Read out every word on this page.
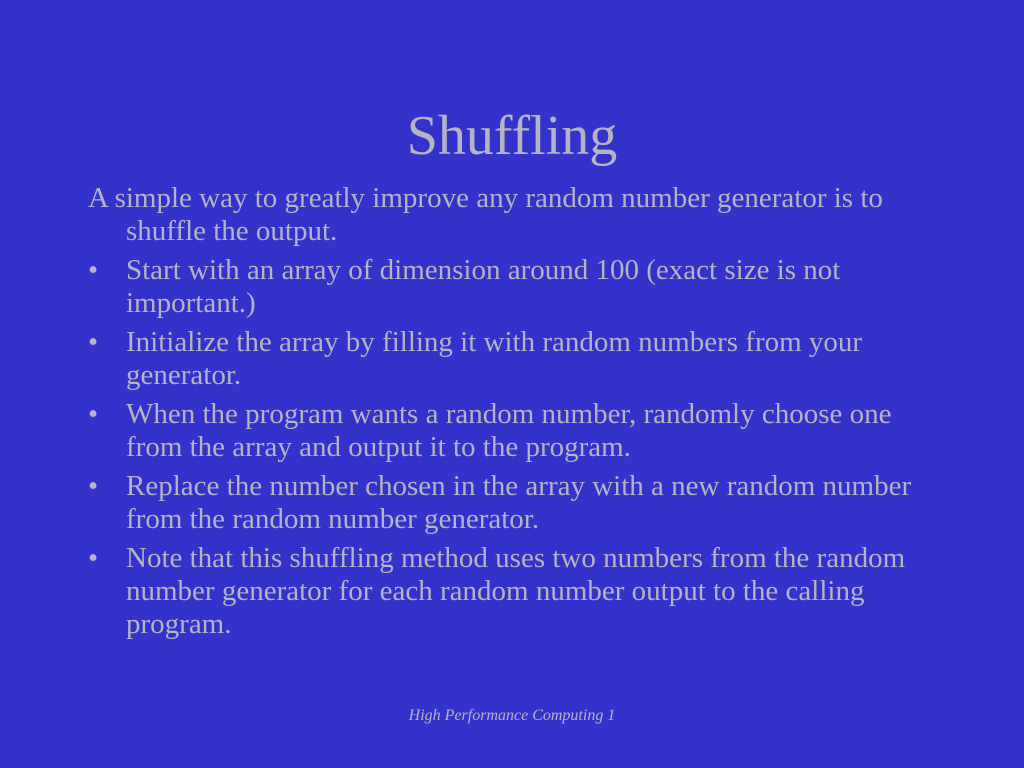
Shuffling

A simple way to greatly improve any random number generator is to shuffle the output.

• Start with an array of dimension around 100 (exact size is not important.)
• Initialize the array by filling it with random numbers from your generator.
• When the program wants a random number, randomly choose one from the array and output it to the program.
• Replace the number chosen in the array with a new random number from the random number generator.
• Note that this shuffling method uses two numbers from the random number generator for each random number output to the calling program.
High Performance Computing 1
